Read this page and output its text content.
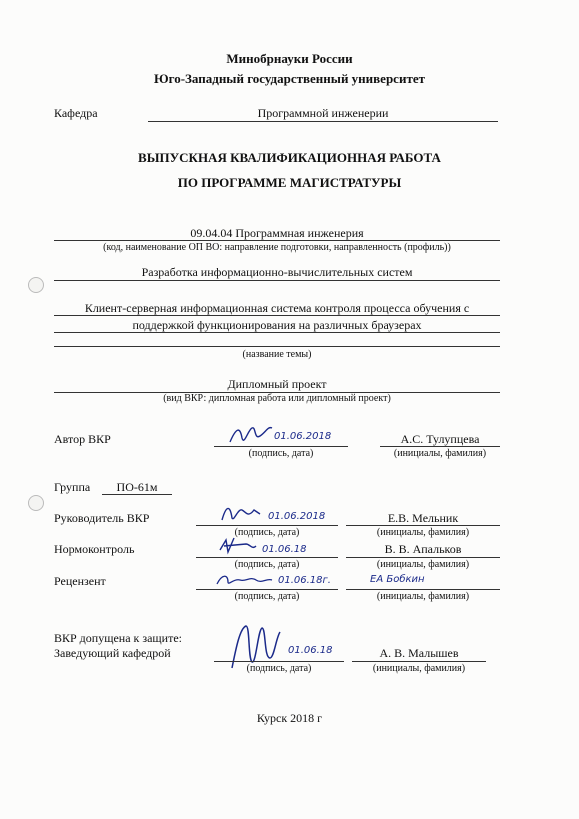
Минобрнауки России
Юго-Западный государственный университет
Кафедра	Программной инженерии
ВЫПУСКНАЯ КВАЛИФИКАЦИОННАЯ РАБОТА
ПО ПРОГРАММЕ МАГИСТРАТУРЫ
09.04.04 Программная инженерия
(код, наименование ОП ВО: направление подготовки, направленность (профиль))
Разработка информационно-вычислительных систем
Клиент-серверная информационная система контроля процесса обучения с
поддержкой функционирования на различных браузерах
(название темы)
Дипломный проект
(вид ВКР: дипломная работа или дипломный проект)
Автор ВКР	01.06.2018
(подпись, дата)
А.С. Тулупцева
(инициалы, фамилия)
Группа	ПО-61м
Руководитель ВКР	01.06.2018
(подпись, дата)
Е.В. Мельник
(инициалы, фамилия)
Нормоконтроль	01.06.18
(подпись, дата)
В. В. Апальков
(инициалы, фамилия)
Рецензент	01.06.18г.
(подпись, дата)
ЕА Бобкин
(инициалы, фамилия)
ВКР допущена к защите:
Заведующий кафедрой	01.06.18
(подпись, дата)
А. В. Малышев
(инициалы, фамилия)
Курск 2018 г
